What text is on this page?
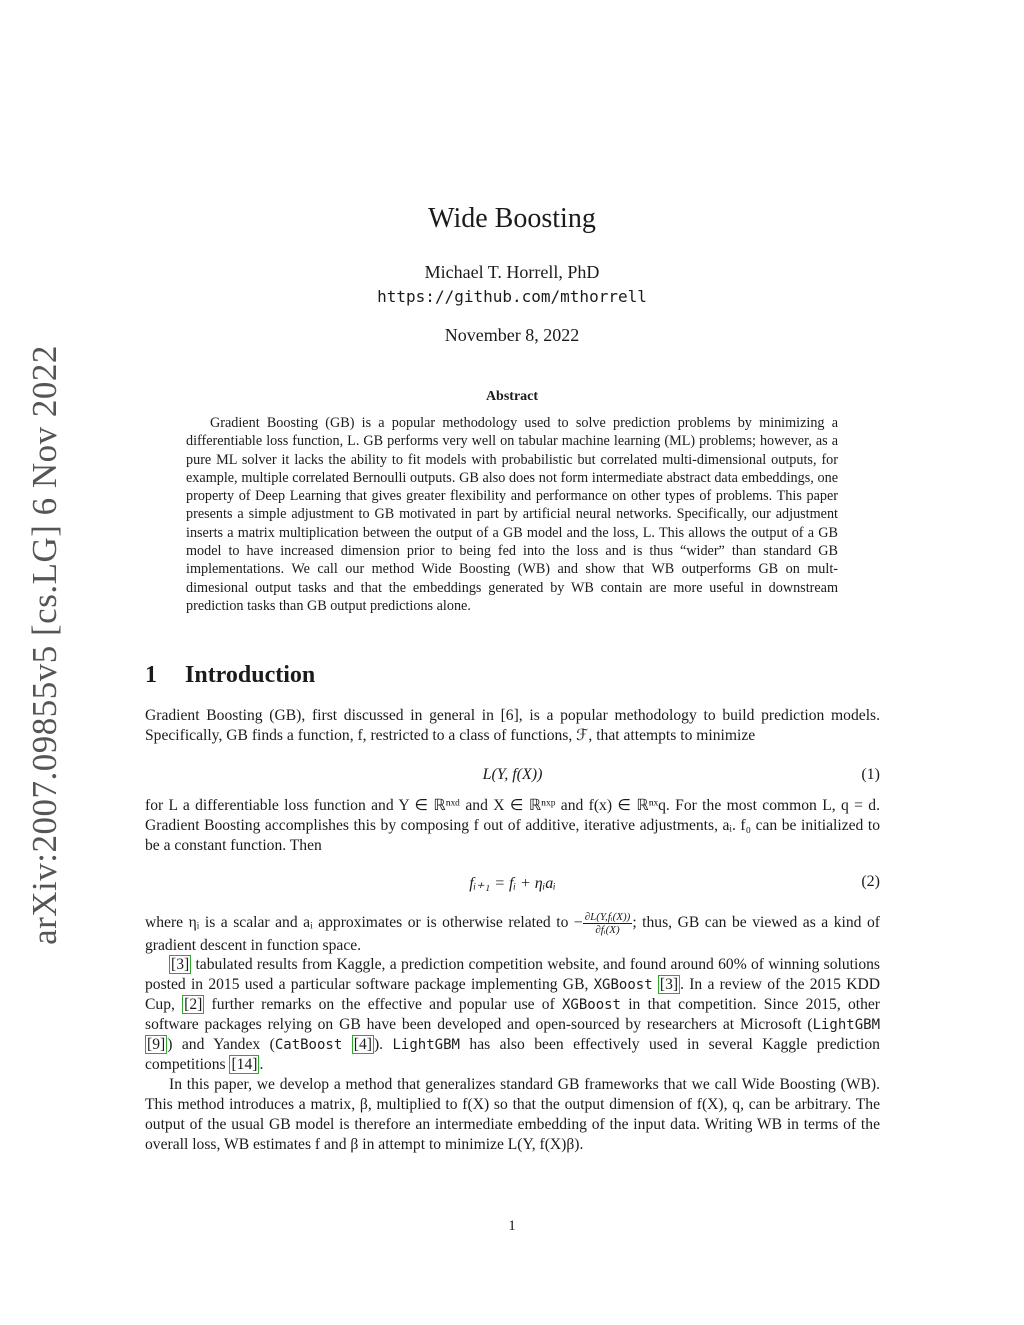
arXiv:2007.09855v5 [cs.LG] 6 Nov 2022
Wide Boosting
Michael T. Horrell, PhD
https://github.com/mthorrell
November 8, 2022
Abstract
Gradient Boosting (GB) is a popular methodology used to solve prediction problems by minimizing a differentiable loss function, L. GB performs very well on tabular machine learning (ML) problems; however, as a pure ML solver it lacks the ability to fit models with probabilistic but correlated multi-dimensional outputs, for example, multiple correlated Bernoulli outputs. GB also does not form intermediate abstract data embeddings, one property of Deep Learning that gives greater flexibility and performance on other types of problems. This paper presents a simple adjustment to GB motivated in part by artificial neural networks. Specifically, our adjustment inserts a matrix multiplication between the output of a GB model and the loss, L. This allows the output of a GB model to have increased dimension prior to being fed into the loss and is thus “wider” than standard GB implementations. We call our method Wide Boosting (WB) and show that WB outperforms GB on mult-dimesional output tasks and that the embeddings generated by WB contain are more useful in downstream prediction tasks than GB output predictions alone.
1 Introduction
Gradient Boosting (GB), first discussed in general in [6], is a popular methodology to build prediction models. Specifically, GB finds a function, f, restricted to a class of functions, ℱ, that attempts to minimize
L(Y, f(X))	(1)
for L a differentiable loss function and Y ∈ ℝⁿˣᵈ and X ∈ ℝⁿˣᵖ and f(x) ∈ ℝⁿˣq. For the most common L, q = d. Gradient Boosting accomplishes this by composing f out of additive, iterative adjustments, aᵢ. f₀ can be initialized to be a constant function. Then
fᵢ₊₁ = fᵢ + ηᵢaᵢ	(2)
where ηᵢ is a scalar and aᵢ approximates or is otherwise related to − $\frac{\text{∂L(Y,fᵢ(X))}}{\text{∂fᵢ(X)}}$ ; thus, GB can be viewed as a kind of gradient descent in function space.
[3] tabulated results from Kaggle, a prediction competition website, and found around 60% of winning solutions posted in 2015 used a particular software package implementing GB, XGBoost [3] . In a review of the 2015 KDD Cup, [2] further remarks on the effective and popular use of XGBoost in that competition. Since 2015, other software packages relying on GB have been developed and open-sourced by researchers at Microsoft (LightGBM [9] ) and Yandex (CatBoost [4] ). LightGBM has also been effectively used in several Kaggle prediction competitions [14] .
In this paper, we develop a method that generalizes standard GB frameworks that we call Wide Boosting (WB). This method introduces a matrix, β, multiplied to f(X) so that the output dimension of f(X), q, can be arbitrary. The output of the usual GB model is therefore an intermediate embedding of the input data. Writing WB in terms of the overall loss, WB estimates f and β in attempt to minimize L(Y, f(X)β).
1
